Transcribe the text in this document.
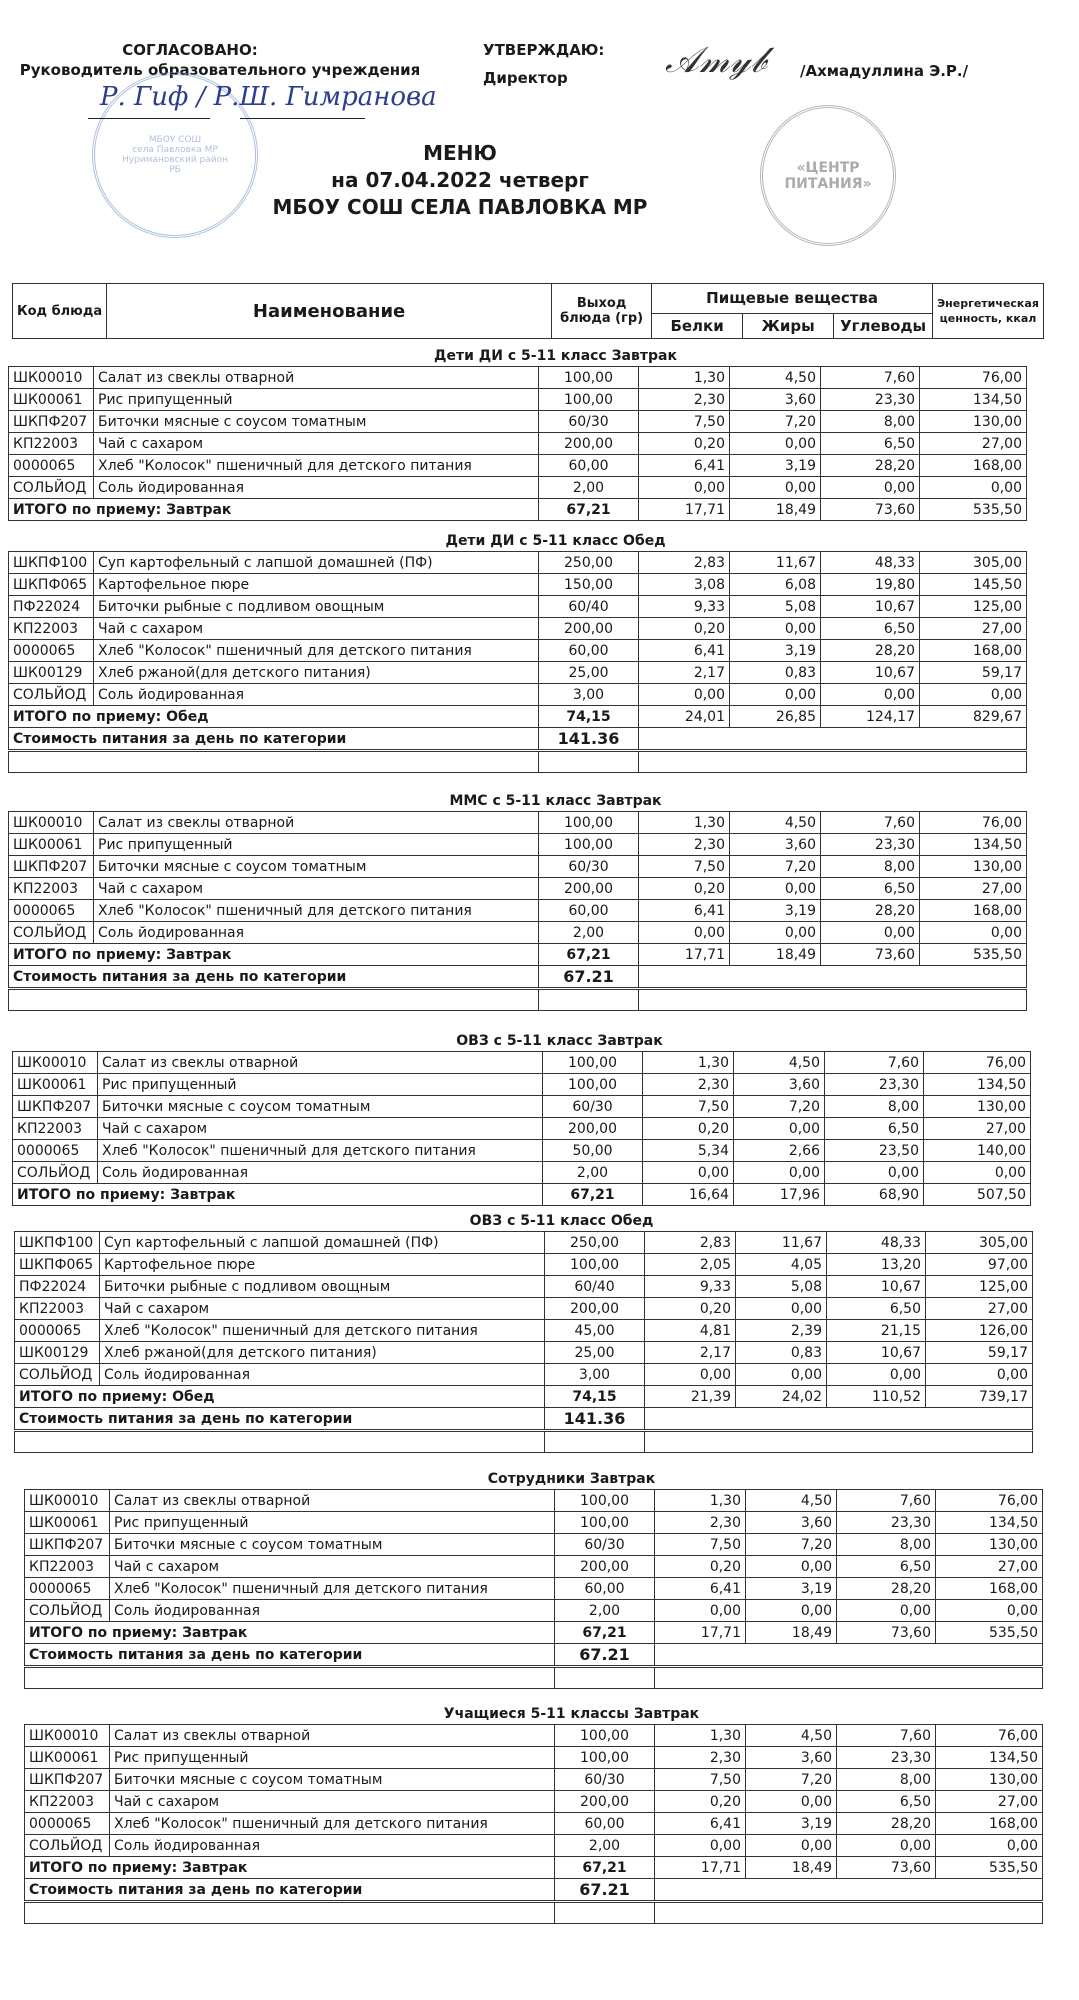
СОГЛАСОВАНО:
Руководитель образовательного учреждения
МБОУ СОШ
села Павловка МР
Нуримановский район
РБ
Р. Гиф / Р.Ш. Гимранова
УТВЕРЖДАЮ:
Директор	𝒜𝓂𝓎𝒷 /Ахмадуллина Э.Р./
«ЦЕНТР
ПИТАНИЯ»
МЕНЮ
на 07.04.2022 четверг
МБОУ СОШ СЕЛА ПАВЛОВКА МР
Код блюда	Наименование	Выход блюда (гр)	Пищевые вещества			Энергетическая ценность, ккал
			Белки	Жиры	Углеводы	
Дети ДИ с 5-11 класс Завтрак						
ШК00010	Салат из свеклы отварной	100,00	1,30	4,50	7,60	76,00
ШК00061	Рис припущенный	100,00	2,30	3,60	23,30	134,50
ШКПФ207	Биточки мясные с соусом томатным	60/30	7,50	7,20	8,00	130,00
КП22003	Чай с сахаром	200,00	0,20	0,00	6,50	27,00
0000065	Хлеб "Колосок" пшеничный для детского питания	60,00	6,41	3,19	28,20	168,00
СОЛЬЙОД	Соль йодированная	2,00	0,00	0,00	0,00	0,00
ИТОГО по приему: Завтрак		67,21	17,71	18,49	73,60	535,50
Дети ДИ с 5-11 класс Обед						
ШКПФ100	Суп картофельный с лапшой домашней (ПФ)	250,00	2,83	11,67	48,33	305,00
ШКПФ065	Картофельное пюре	150,00	3,08	6,08	19,80	145,50
ПФ22024	Биточки рыбные с подливом овощным	60/40	9,33	5,08	10,67	125,00
КП22003	Чай с сахаром	200,00	0,20	0,00	6,50	27,00
0000065	Хлеб "Колосок" пшеничный для детского питания	60,00	6,41	3,19	28,20	168,00
ШК00129	Хлеб ржаной(для детского питания)	25,00	2,17	0,83	10,67	59,17
СОЛЬЙОД	Соль йодированная	3,00	0,00	0,00	0,00	0,00
ИТОГО по приему: Обед		74,15	24,01	26,85	124,17	829,67
Стоимость питания за день по категории		141.36				

ММС с 5-11 класс Завтрак						
ШК00010	Салат из свеклы отварной	100,00	1,30	4,50	7,60	76,00
ШК00061	Рис припущенный	100,00	2,30	3,60	23,30	134,50
ШКПФ207	Биточки мясные с соусом томатным	60/30	7,50	7,20	8,00	130,00
КП22003	Чай с сахаром	200,00	0,20	0,00	6,50	27,00
0000065	Хлеб "Колосок" пшеничный для детского питания	60,00	6,41	3,19	28,20	168,00
СОЛЬЙОД	Соль йодированная	2,00	0,00	0,00	0,00	0,00
ИТОГО по приему: Завтрак		67,21	17,71	18,49	73,60	535,50
Стоимость питания за день по категории		67.21				

ОВЗ с 5-11 класс Завтрак						
ШК00010	Салат из свеклы отварной	100,00	1,30	4,50	7,60	76,00
ШК00061	Рис припущенный	100,00	2,30	3,60	23,30	134,50
ШКПФ207	Биточки мясные с соусом томатным	60/30	7,50	7,20	8,00	130,00
КП22003	Чай с сахаром	200,00	0,20	0,00	6,50	27,00
0000065	Хлеб "Колосок" пшеничный для детского питания	50,00	5,34	2,66	23,50	140,00
СОЛЬЙОД	Соль йодированная	2,00	0,00	0,00	0,00	0,00
ИТОГО по приему: Завтрак		67,21	16,64	17,96	68,90	507,50
ОВЗ с 5-11 класс Обед						
ШКПФ100	Суп картофельный с лапшой домашней (ПФ)	250,00	2,83	11,67	48,33	305,00
ШКПФ065	Картофельное пюре	100,00	2,05	4,05	13,20	97,00
ПФ22024	Биточки рыбные с подливом овощным	60/40	9,33	5,08	10,67	125,00
КП22003	Чай с сахаром	200,00	0,20	0,00	6,50	27,00
0000065	Хлеб "Колосок" пшеничный для детского питания	45,00	4,81	2,39	21,15	126,00
ШК00129	Хлеб ржаной(для детского питания)	25,00	2,17	0,83	10,67	59,17
СОЛЬЙОД	Соль йодированная	3,00	0,00	0,00	0,00	0,00
ИТОГО по приему: Обед		74,15	21,39	24,02	110,52	739,17
Стоимость питания за день по категории		141.36				

Сотрудники Завтрак						
ШК00010	Салат из свеклы отварной	100,00	1,30	4,50	7,60	76,00
ШК00061	Рис припущенный	100,00	2,30	3,60	23,30	134,50
ШКПФ207	Биточки мясные с соусом томатным	60/30	7,50	7,20	8,00	130,00
КП22003	Чай с сахаром	200,00	0,20	0,00	6,50	27,00
0000065	Хлеб "Колосок" пшеничный для детского питания	60,00	6,41	3,19	28,20	168,00
СОЛЬЙОД	Соль йодированная	2,00	0,00	0,00	0,00	0,00
ИТОГО по приему: Завтрак		67,21	17,71	18,49	73,60	535,50
Стоимость питания за день по категории		67.21				

Учащиеся 5-11 классы Завтрак						
ШК00010	Салат из свеклы отварной	100,00	1,30	4,50	7,60	76,00
ШК00061	Рис припущенный	100,00	2,30	3,60	23,30	134,50
ШКПФ207	Биточки мясные с соусом томатным	60/30	7,50	7,20	8,00	130,00
КП22003	Чай с сахаром	200,00	0,20	0,00	6,50	27,00
0000065	Хлеб "Колосок" пшеничный для детского питания	60,00	6,41	3,19	28,20	168,00
СОЛЬЙОД	Соль йодированная	2,00	0,00	0,00	0,00	0,00
ИТОГО по приему: Завтрак		67,21	17,71	18,49	73,60	535,50
Стоимость питания за день по категории		67.21				
